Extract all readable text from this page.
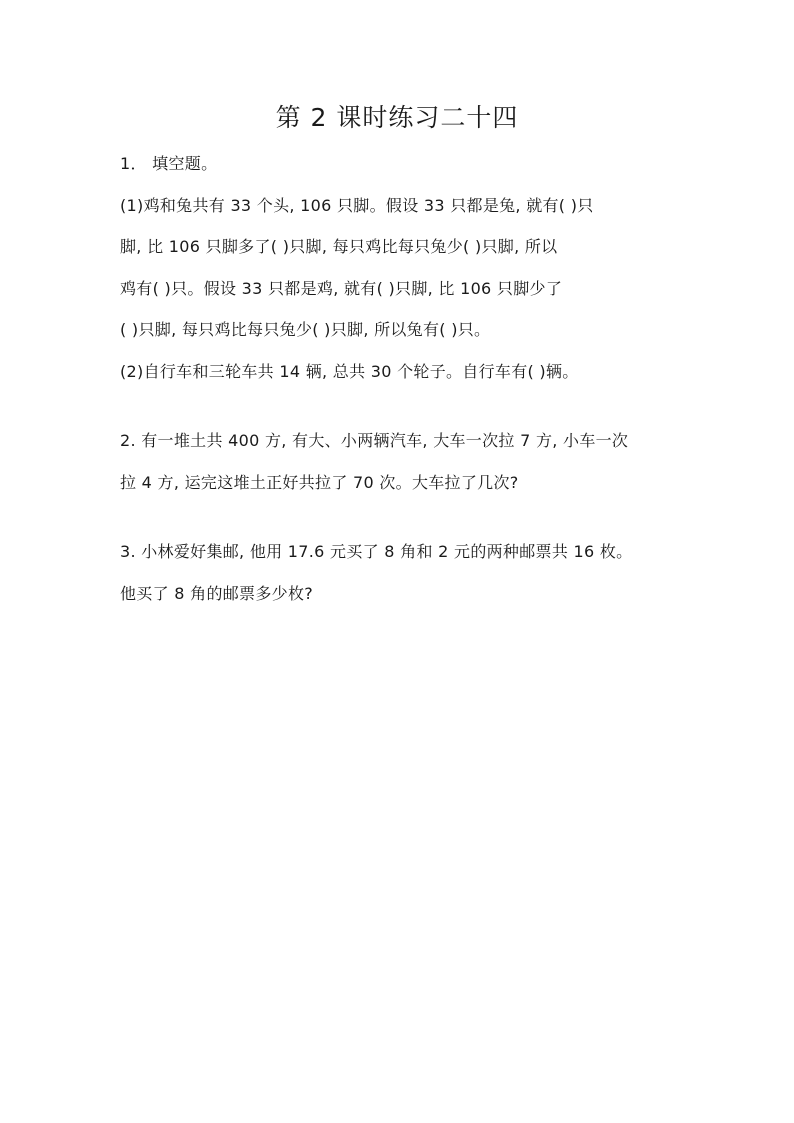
第 2 课时练习二十四

1． 填空题。

(1)鸡和兔共有 33 个头, 106 只脚。假设 33 只都是兔, 就有( )只

脚, 比 106 只脚多了( )只脚, 每只鸡比每只兔少( )只脚, 所以

鸡有( )只。假设 33 只都是鸡, 就有( )只脚, 比 106 只脚少了

( )只脚, 每只鸡比每只兔少( )只脚, 所以兔有( )只。

(2)自行车和三轮车共 14 辆, 总共 30 个轮子。自行车有( )辆。

2. 有一堆土共 400 方, 有大、小两辆汽车, 大车一次拉 7 方, 小车一次

拉 4 方, 运完这堆土正好共拉了 70 次。大车拉了几次?

3. 小林爱好集邮, 他用 17.6 元买了 8 角和 2 元的两种邮票共 16 枚。

他买了 8 角的邮票多少枚?
